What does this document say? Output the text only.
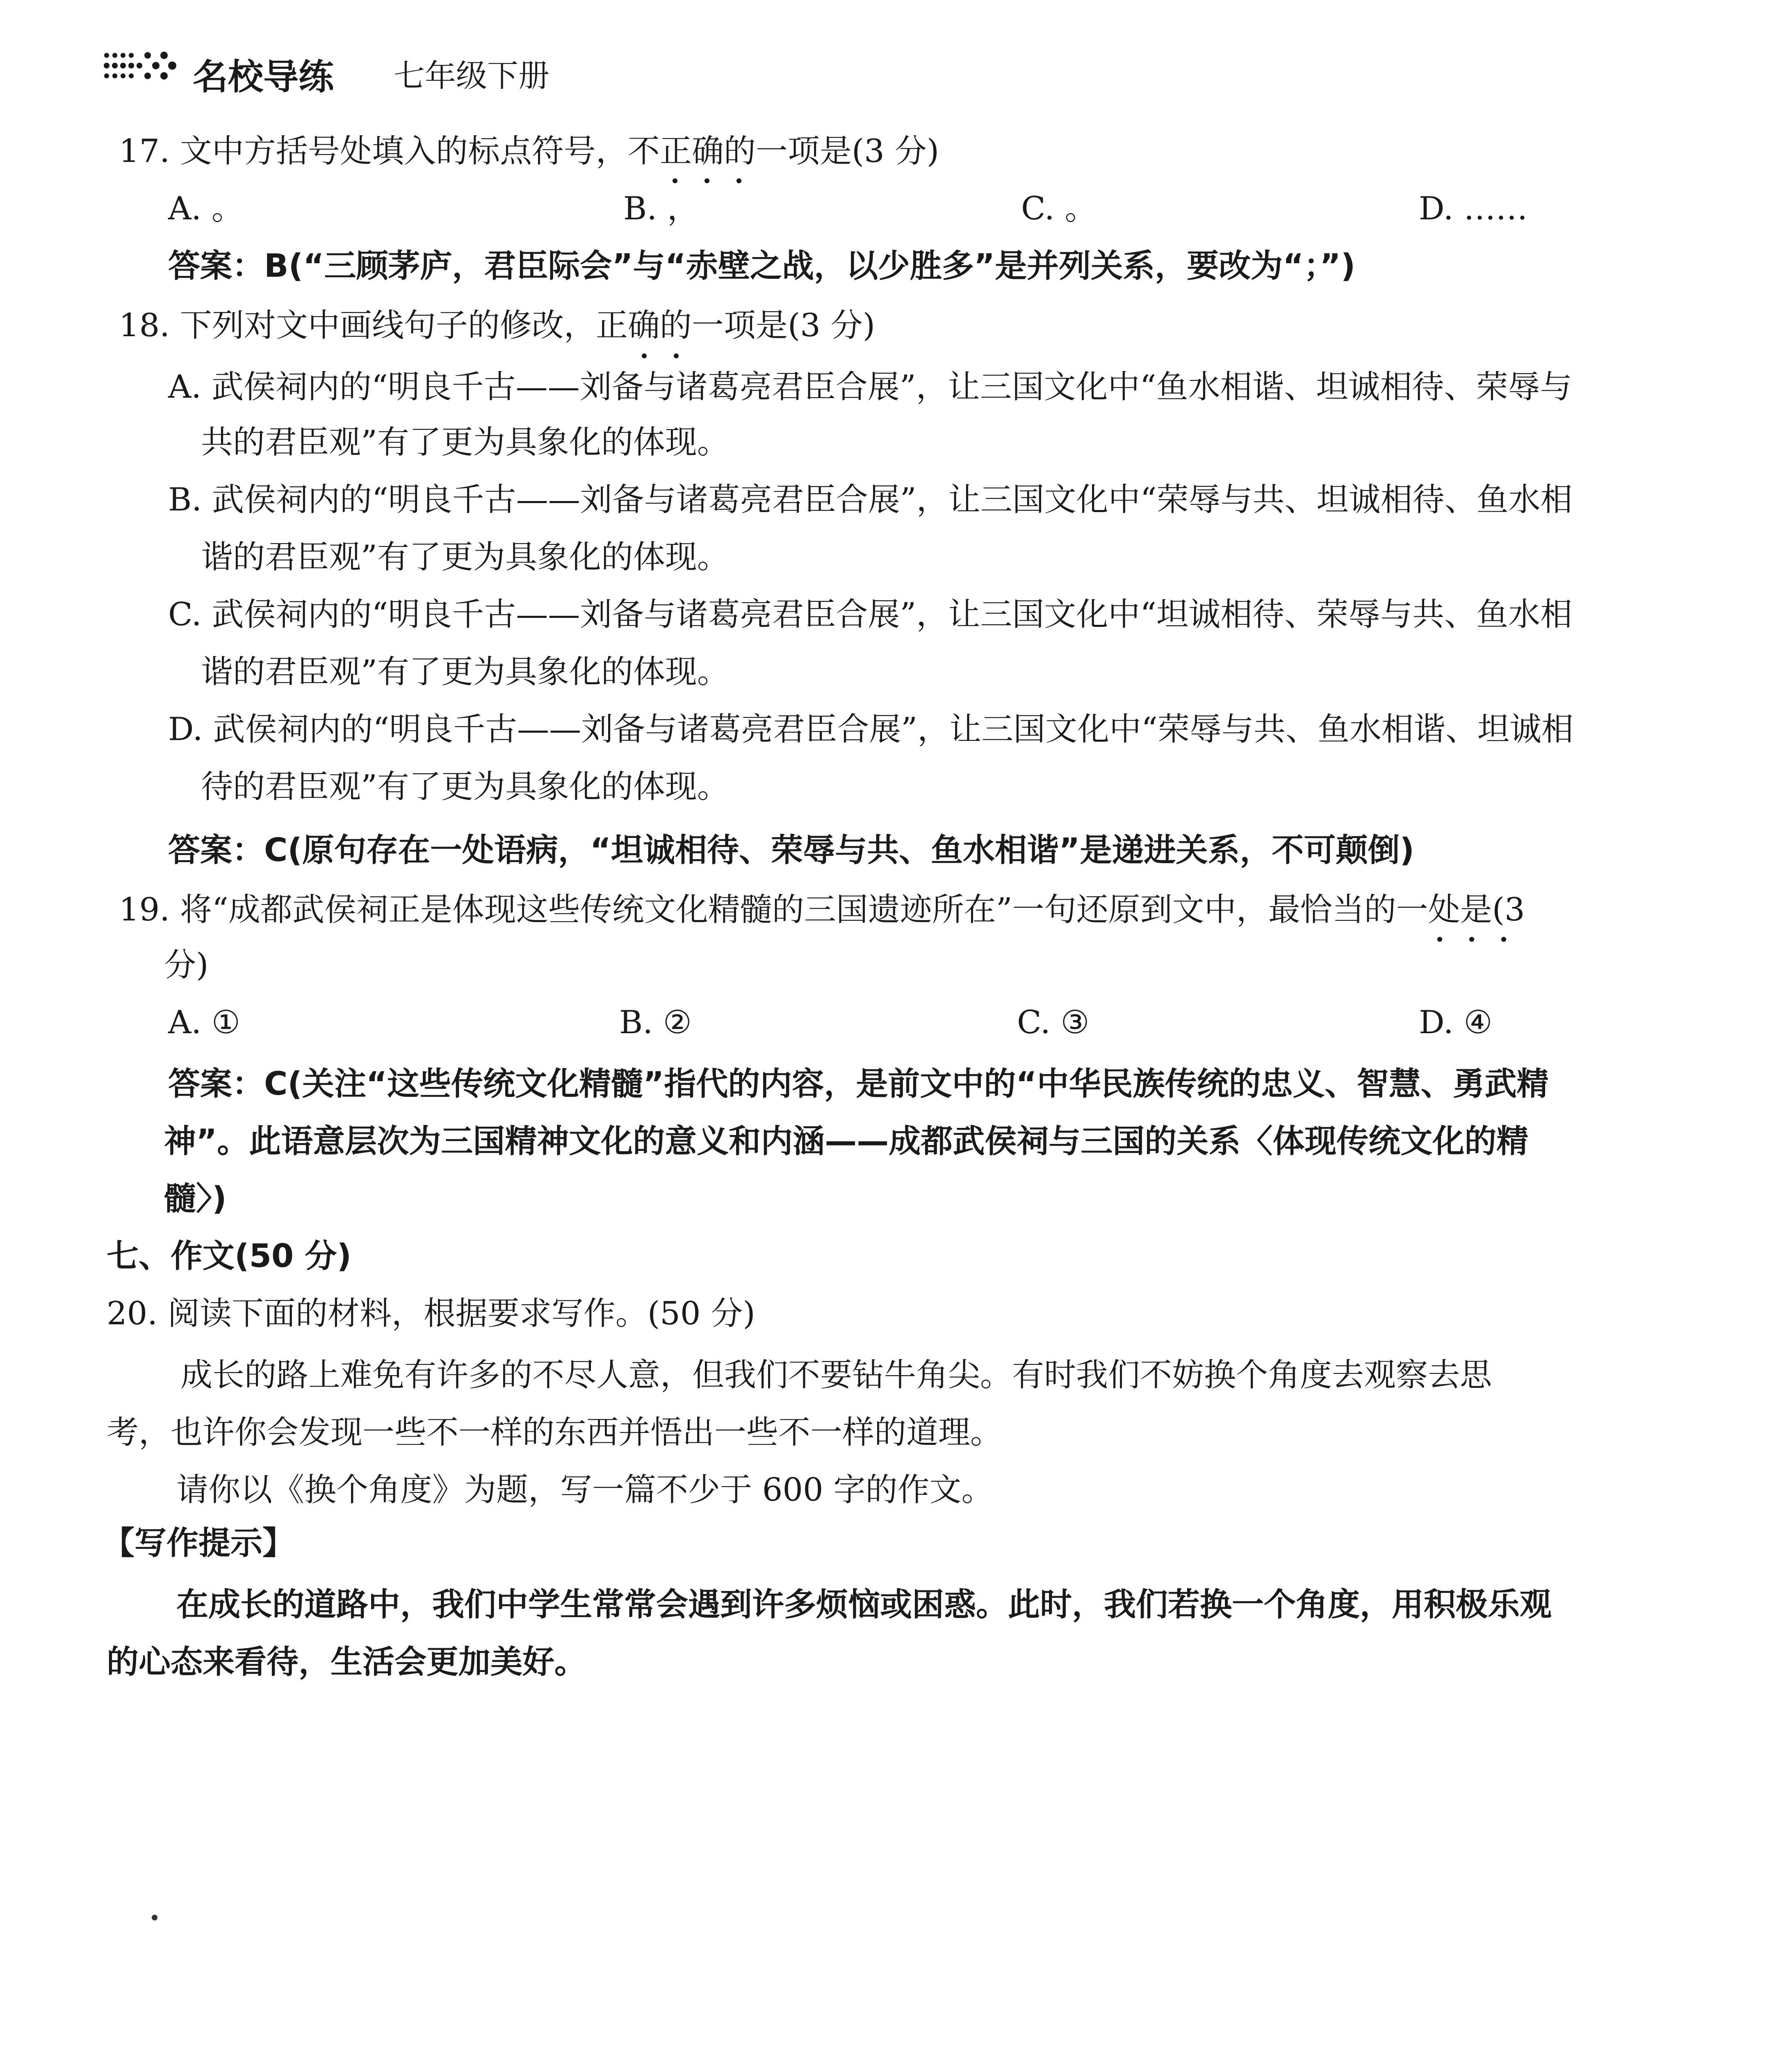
名校导练 七年级下册
17. 文中方括号处填入的标点符号，不正确的一项是(3 分)
A. 。	B. ，	C. 。	D. ……
答案：B(“三顾茅庐，君臣际会”与“赤壁之战，以少胜多”是并列关系，要改为“；”)
18. 下列对文中画线句子的修改，正确的一项是(3 分)
A. 武侯祠内的“明良千古——刘备与诸葛亮君臣合展”，让三国文化中“鱼水相谐、坦诚相待、荣辱与
共的君臣观”有了更为具象化的体现。
B. 武侯祠内的“明良千古——刘备与诸葛亮君臣合展”，让三国文化中“荣辱与共、坦诚相待、鱼水相
谐的君臣观”有了更为具象化的体现。
C. 武侯祠内的“明良千古——刘备与诸葛亮君臣合展”，让三国文化中“坦诚相待、荣辱与共、鱼水相
谐的君臣观”有了更为具象化的体现。
D. 武侯祠内的“明良千古——刘备与诸葛亮君臣合展”，让三国文化中“荣辱与共、鱼水相谐、坦诚相
待的君臣观”有了更为具象化的体现。
答案：C(原句存在一处语病，“坦诚相待、荣辱与共、鱼水相谐”是递进关系，不可颠倒)
19. 将“成都武侯祠正是体现这些传统文化精髓的三国遗迹所在”一句还原到文中，最恰当的一处是(3
分)
A. ①	B. ②	C. ③	D. ④
答案：C(关注“这些传统文化精髓”指代的内容，是前文中的“中华民族传统的忠义、智慧、勇武精
神”。此语意层次为三国精神文化的意义和内涵——成都武侯祠与三国的关系〈体现传统文化的精
髓〉)
七、作文(50 分)
20. 阅读下面的材料，根据要求写作。(50 分)
成长的路上难免有许多的不尽人意，但我们不要钻牛角尖。有时我们不妨换个角度去观察去思
考，也许你会发现一些不一样的东西并悟出一些不一样的道理。
请你以《换个角度》为题，写一篇不少于 600 字的作文。
【写作提示】
在成长的道路中，我们中学生常常会遇到许多烦恼或困惑。此时，我们若换一个角度，用积极乐观
的心态来看待，生活会更加美好。
